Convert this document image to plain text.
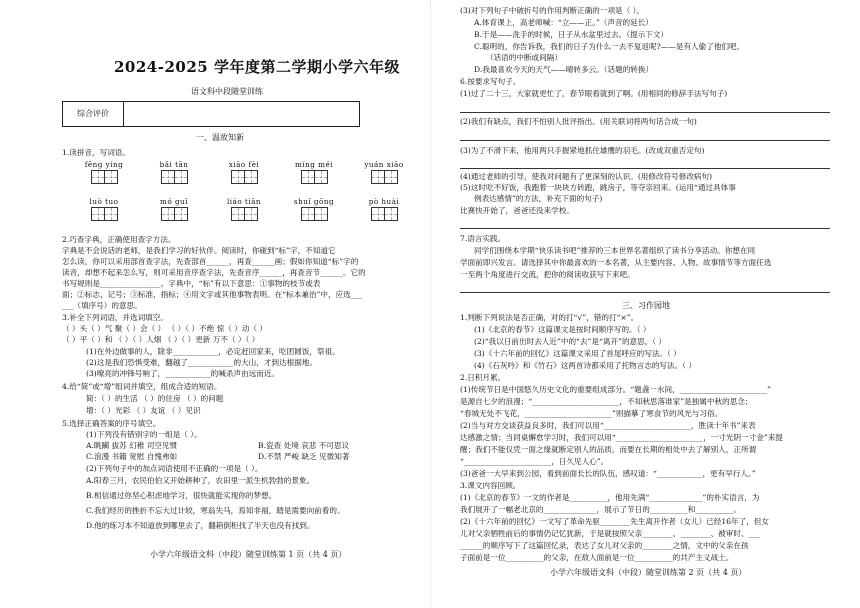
2024-2025 学年度第二学期小学六年级
语文科中段随堂训练
综合评价	
一、温故知新
1.读拼音，写词语。
fēng yíng	bǎi tān	xiāo fèi	míng méi	yuán xiāo
luò tuo	mó guǐ	liáo tiān	shuǐ gōng	pò huài
2.巧查字典，正确使用查字方法。
字典是不会说话的老师，是我们学习的好伙伴。阅读时，你碰到“标”字，不知道它
怎么读，你可以采用部首查字法，先查部首______，再查______画；假如你知道“标”字的
读音，却想不起来怎么写，则可采用音序查字法，先查音序______，再查音节______。它的
书写规则是________________。字典中，“标”有以下意思：①事物的枝节或表
面；②标志，记号；③标准，指标；④用文字或其他事物表明。在“标本兼治”中，应选___
___（填序号）的意思。
3.补全下列词语，并选词填空。
（ ）头（ ）气 聚（ ）会（ ） （ ）（ ）不绝 惊（ ）动（ ）
（ ）平（ ）和 （ ）（ ）人烟 （ ）（ ）更新 万不（ ）（ ）
(1)在外边做事的人，除非____________，必定赶回家来，吃团圆饭，祭祖。
(2)这是我们恐惧受难，翻越了____________的大山，才到达根据地。
(3)嘹亮的冲锋号响了，____________的喊杀声由远而近。
4.给“简”或“增”组词并填空，组成合适的短语。
简：（ ）的生活 （ ）的住房 （ ）的问题
增：（ ）光彩 （ ）友谊 （ ）见识
5.选择正确答案的序号填空。
(1)下列没有错别字的一组是（ ）。
A.眺躏 拔苏 幻稚 司空见惯	B.瓷查 处境 哀悲 不可思议
C.浪漫 书籍 宽慰 自愧弗如	D.不禁 严峻 缺乏 见微知著
(2)下列句子中的加点词语使用不正确的一项是（ ）。
A.阳春三月，农民伯伯又开始耕种了，农田里一派生机勃勃的景象。
B.相信通过你坚心积虑地学习，很快就能实现你的梦想。
C.我们经历的挫折不忘大过计较，寒翁失马，焉知非福，踏是需要向前看的。
D.他的练习本不知道放到哪里去了，翻箱倒柜找了半天也没有找到。
小学六年级语文科（中段）随堂训练第 1 页（共 4 页）
(3)对下列句子中破折号的作用判断正确的一项是（ ）。
A.体育课上，高老师喊：“立——正。”（声音的延长）
B.于是——洗手的时候，日子从水盆里过去。（提示下文）
C.聪明的，你告诉我，我们的日子为什么一去不复返呢?——是有人偷了他们吧。
（话语的中断或间隔）
D.我最喜欢今天的天气——晴转多云。（话题的转换）
6.按要求写句子。
(1)过了二十三，大家就更忙了，春节眼看就到了啊。(用相同的修辞手法写句子)
(2)我们有缺点，我们不怕别人批评指出。(用关联词将两句话合成一句)
(3)为了不滑下来，他用两只手握紧地抓住雄鹰的羽毛。(改成双重否定句)
(4)通过老师的引导，使我对问题有了更深刻的认识。(用修改符号修改病句)
(5)这时吃不好饭，我跑着一块块方砖跑，跳房子，等夺亲回来。(运用“通过具体事
例表达感情”的方法，补充下面的句子)
比赛快开始了，爸爸还没来学校。
7.语言实践。
同学们围绕本学期“快乐读书吧”推荐的三本世界名著组织了读书分享活动。你想在同
学面前即兴发言。请选择其中你最喜欢的一本名著，从主要内容、人物、故事情节等方面任选
一至两个角度进行交流，把你的阅读收获写下来吧。
三、习作园地
1.判断下列说法是否正确，对的打“√”，错的打“×”。
(1)《北京的春节》这篇课文是按时间顺序写的。（ ）
(2)“我以日前出时去人近”中的“去”是“离开”的意思。（ ）
(3)《十六年前的回忆》这篇课文采用了首尾呼应的写法。（ ）
(4)《石灰吟》和《竹石》这两首诗都采用了托物言志的写法。（ ）
2.日积月累。
(1)传统节日是中国悠久历史文化的重要组成部分。“题盏一水间，_______________________”
是源自七夕的浪漫；“_______________________，不知秋思落谁家”是独属中秋的思念；
“春城无处不飞花，_______________________”则描摹了寒食节的风光与习俗。
(2)当与对方交谈获益良多时，我们可以用“_______________________，胜读十年书”来表
达感激之情；当同桌懈怠学习时，我们可以用“_______________________，一寸光阴一寸金”来提
醒；我们不能仅凭一面之缘就断定别人的品质，而要在长期的相处中去了解别人，正所谓
“_______________________，日久见人心”。
(3)爸爸一大早来到公园，看到前面长长的队伍，感叹道：“____________，更有早行人。”
3.课文内容回顾。
(1)《北京的春节》一文的作者是__________，他用先满“______________”的朴实语言，为
我们展开了一幅老北京的______________，展示了节日的__________和__________。
(2)《十六年前的回忆》一文写了革命先驱________先生离开作者（女儿）已经16年了，但女
儿对父亲牺牲前后的事情仍记忆犹新，于是就按照父亲________、________、被审时、___
______的顺序写下了这篇回忆录，表达了女儿对父亲的________之情，文中的父亲在孩
子面前是一位__________的父亲，在敌人面前是一位__________的共产主义战士。
小学六年级语文科（中段）随堂训练第 2 页（共 4 页）
